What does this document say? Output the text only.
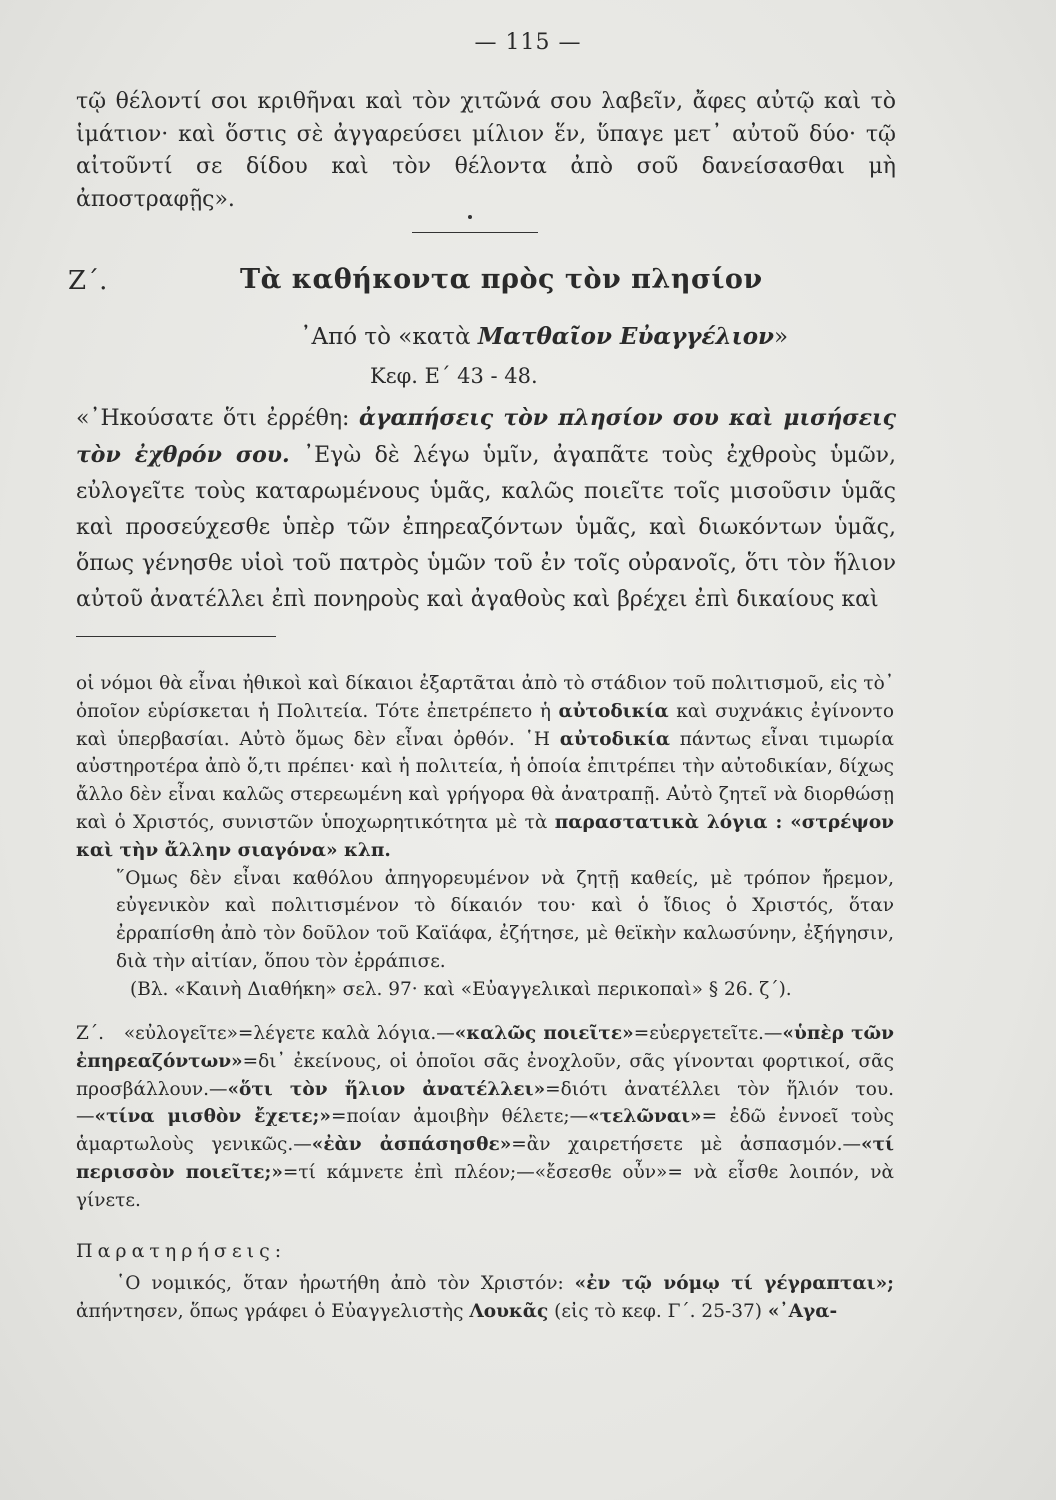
— 115 —
τῷ θέλοντί σοι κριθῆναι καὶ τὸν χιτῶνά σου λαβεῖν, ἄφες αὐτῷ καὶ τὸ ἱμάτιον· καὶ ὅστις σὲ ἀγγαρεύσει μίλιον ἕν, ὕπαγε μετ᾽ αὐτοῦ δύο· τῷ αἰτοῦντί σε δίδου καὶ τὸν θέλοντα ἀπὸ σοῦ δανείσασθαι μὴ ἀποστραφῇς».
Ζ΄.	Τὰ καθήκοντα πρὸς τὸν πλησίον
᾿Από τὸ «κατὰ Ματθαῖον Εὐαγγέλιον»
Κεφ. Ε΄ 43 - 48.
«᾿Ηκούσατε ὅτι ἐρρέθη: ἀγαπήσεις τὸν πλησίον σου καὶ μισήσεις τὸν ἐχθρόν σου. ᾿Εγὼ δὲ λέγω ὑμῖν, ἀγαπᾶτε τοὺς ἐχθροὺς ὑμῶν, εὐλογεῖτε τοὺς καταρωμένους ὑμᾶς, καλῶς ποιεῖτε τοῖς μισοῦσιν ὑμᾶς καὶ προσεύχεσθε ὑπὲρ τῶν ἐπηρεαζόντων ὑμᾶς, καὶ διωκόντων ὑμᾶς, ὅπως γένησθε υἱοὶ τοῦ πατρὸς ὑμῶν τοῦ ἐν τοῖς οὐρανοῖς, ὅτι τὸν ἥλιον αὐτοῦ ἀνατέλλει ἐπὶ πονηροὺς καὶ ἀγαθοὺς καὶ βρέχει ἐπὶ δικαίους καὶ
οἱ νόμοι θὰ εἶναι ἠθικοὶ καὶ δίκαιοι ἐξαρτᾶται ἀπὸ τὸ στάδιον τοῦ πολιτισμοῦ, εἰς τὸ᾿ ὁποῖον εὑρίσκεται ἡ Πολιτεία. Τότε ἐπετρέπετο ἡ αὐτοδικία καὶ συχνάκις ἐγίνοντο καὶ ὑπερβασίαι. Αὐτὸ ὅμως δὲν εἶναι ὀρθόν. ῾Η αὐτοδικία πάντως εἶναι τιμωρία αὐστηροτέρα ἀπὸ ὅ,τι πρέπει· καὶ ἡ πολιτεία, ἡ ὁποία ἐπιτρέπει τὴν αὐτοδικίαν, δίχως ἄλλο δὲν εἶναι καλῶς στερεωμένη καὶ γρήγορα θὰ ἀνατραπῇ. Αὐτὸ ζητεῖ νὰ διορθώσῃ καὶ ὁ Χριστός, συνιστῶν ὑποχωρητικότητα μὲ τὰ παραστατικὰ λόγια : «στρέψον καὶ τὴν ἄλλην σιαγόνα» κλπ.
῞Ομως δὲν εἶναι καθόλου ἀπηγορευμένον νὰ ζητῇ καθείς, μὲ τρόπον ἤρεμον, εὐγενικὸν καὶ πολιτισμένον τὸ δίκαιόν του· καὶ ὁ ἴδιος ὁ Χριστός, ὅταν ἐρραπίσθη ἀπὸ τὸν δοῦλον τοῦ Καϊάφα, ἐζήτησε, μὲ θεϊκὴν καλωσύνην, ἐξήγησιν, διὰ τὴν αἰτίαν, ὅπου τὸν ἐρράπισε.
(Βλ. «Καινὴ Διαθήκη» σελ. 97· καὶ «Εὐαγγελικαὶ περικοπαὶ» § 26. ζ΄).
Ζ΄. «εὐλογεῖτε»=λέγετε καλὰ λόγια.—«καλῶς ποιεῖτε»=εὐεργετεῖτε.—«ὑπὲρ τῶν ἐπηρεαζόντων»=δι᾽ ἐκείνους, οἱ ὁποῖοι σᾶς ἐνοχλοῦν, σᾶς γίνονται φορτικοί, σᾶς προσβάλλουν.—«ὅτι τὸν ἥλιον ἀνατέλλει»=διότι ἀνατέλλει τὸν ἥλιόν του.—«τίνα μισθὸν ἔχετε;»=ποίαν ἀμοιβὴν θέλετε;—«τελῶναι»= ἐδῶ ἐννοεῖ τοὺς ἁμαρτωλοὺς γενικῶς.—«ἐὰν ἀσπάσησθε»=ἂν χαιρετήσετε μὲ ἀσπασμόν.—«τί περισσὸν ποιεῖτε;»=τί κάμνετε ἐπὶ πλέον;—«ἔσεσθε οὖν»= νὰ εἶσθε λοιπόν, νὰ γίνετε.
Παρατηρήσεις:
῾Ο νομικός, ὅταν ἠρωτήθη ἀπὸ τὸν Χριστόν: «ἐν τῷ νόμῳ τί γέγραπται»; ἀπήντησεν, ὅπως γράφει ὁ Εὐαγγελιστὴς Λουκᾶς (εἰς τὸ κεφ. Γ΄. 25-37) «᾿Αγα-
